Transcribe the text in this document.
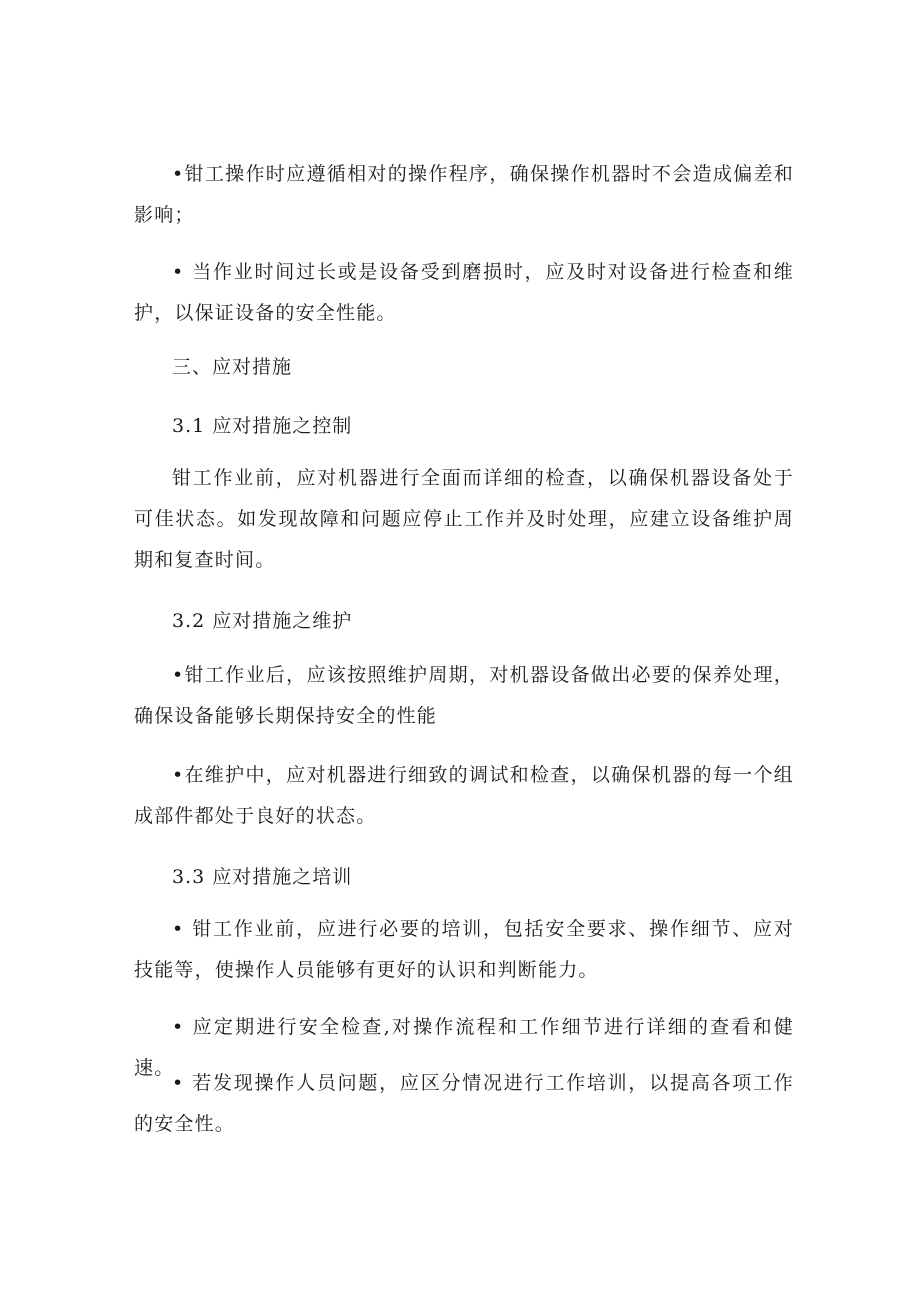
•钳工操作时应遵循相对的操作程序，确保操作机器时不会造成偏差和影响；

• 当作业时间过长或是设备受到磨损时，应及时对设备进行检查和维护，以保证设备的安全性能。

三、应对措施

3.1 应对措施之控制

钳工作业前，应对机器进行全面而详细的检查，以确保机器设备处于可佳状态。如发现故障和问题应停止工作并及时处理，应建立设备维护周期和复查时间。

3.2 应对措施之维护

•钳工作业后，应该按照维护周期，对机器设备做出必要的保养处理，确保设备能够长期保持安全的性能

•在维护中，应对机器进行细致的调试和检查，以确保机器的每一个组成部件都处于良好的状态。

3.3 应对措施之培训

• 钳工作业前，应进行必要的培训，包括安全要求、操作细节、应对技能等，使操作人员能够有更好的认识和判断能力。

• 应定期进行安全检查,对操作流程和工作细节进行详细的查看和健速。

• 若发现操作人员问题，应区分情况进行工作培训，以提高各项工作的安全性。
